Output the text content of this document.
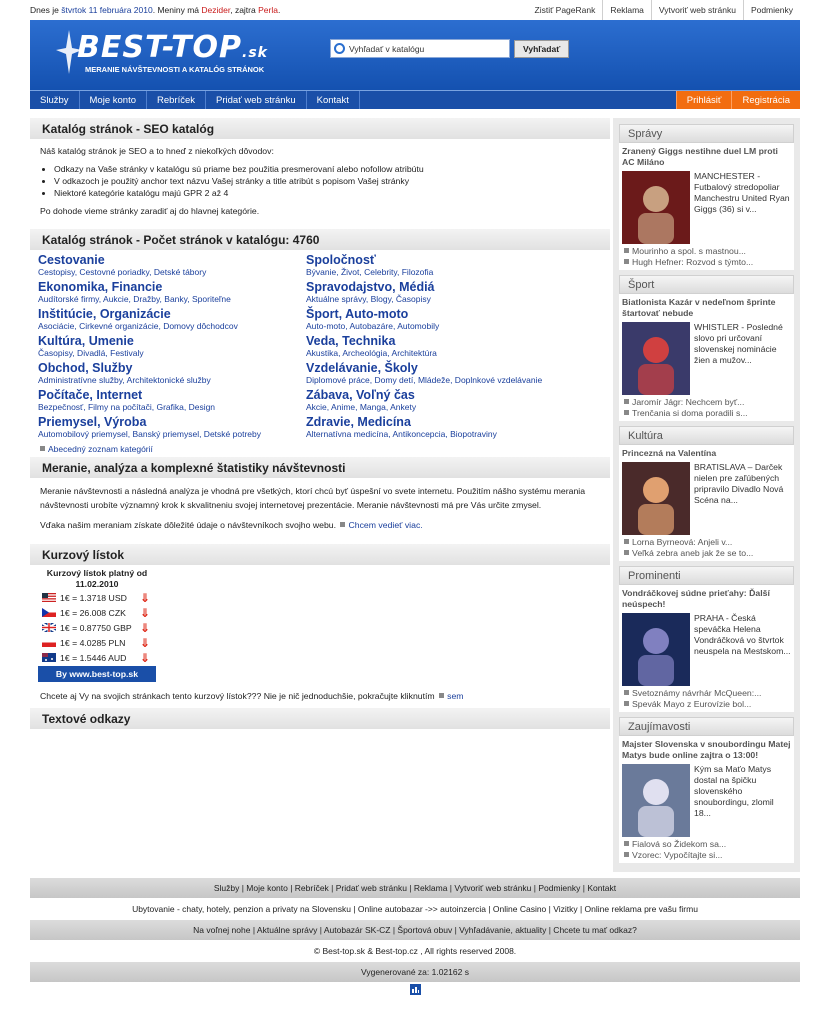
Dnes je štvrtok 11 februára 2010. Meniny má Dezider, zajtra Perla.	Zistiť PageRank	Reklama	Vytvoriť web stránku	Podmienky
BEST-TOP.sk
MERANIE NÁVŠTEVNOSTI A KATALÓG STRÁNOK
Vyhľadať v katalógu	Vyhľadať
Služby	Moje konto	Rebríček	Pridať web stránku	Kontakt	Prihlásiť	Registrácia
Katalóg stránok - SEO katalóg

Náš katalóg stránok je SEO a to hneď z niekoľkých dôvodov:

• Odkazy na Vaše stránky v katalógu sú priame bez použitia presmerovaní alebo nofollow atribútu
• V odkazoch je použitý anchor text názvu Vašej stránky a title atribút s popisom Vašej stránky
• Niektoré kategórie katalógu majú GPR 2 až 4

Po dohode vieme stránky zaradiť aj do hlavnej kategórie.

Katalóg stránok - Počet stránok v katalógu: 4760
Cestovanie
Cestopisy, Cestovné poriadky, Detské tábory
Spoločnosť
Bývanie, Život, Celebrity, Filozofia
Ekonomika, Financie
Audítorské firmy, Aukcie, Dražby, Banky, Sporiteľne
Spravodajstvo, Médiá
Aktuálne správy, Blogy, Časopisy
Inštitúcie, Organizácie
Asociácie, Cirkevné organizácie, Domovy dôchodcov
Šport, Auto-moto
Auto-moto, Autobazáre, Automobily
Kultúra, Umenie
Časopisy, Divadlá, Festivaly
Veda, Technika
Akustika, Archeológia, Architektúra
Obchod, Služby
Administratívne služby, Architektonické služby
Vzdelávanie, Školy
Diplomové práce, Domy detí, Mládeže, Doplnkové vzdelávanie
Počítače, Internet
Bezpečnosť, Filmy na počítači, Grafika, Design
Zábava, Voľný čas
Akcie, Anime, Manga, Ankety
Priemysel, Výroba
Automobilový priemysel, Banský priemysel, Detské potreby
Zdravie, Medicína
Alternatívna medicína, Antikoncepcia, Biopotraviny
Abecedný zoznam kategórií
Meranie, analýza a komplexné štatistiky návštevnosti

Meranie návštevnosti a následná analýza je vhodná pre všetkých, ktorí chcú byť úspešní vo svete internetu. Použitím nášho systému merania návštevnosti urobíte významný krok k skvalitneniu svojej internetovej prezentácie. Meranie návštevnosti má pre Vás určite zmysel.

Vďaka našim meraniam získate dôležité údaje o návštevníkoch svojho webu. Chcem vedieť viac.

Kurzový lístok
Kurzový lístok platný od 11.02.2010
1€ = 1.3718 USD	⇓
1€ = 26.008 CZK	⇓
1€ = 0.87750 GBP ⇓
1€ = 4.0285 PLN	⇓
1€ = 1.5446 AUD	⇓
By www.best-top.sk
Chcete aj Vy na svojich stránkach tento kurzový lístok??? Nie je nič jednoduchšie, pokračujte kliknutím sem
Textové odkazy
Správy
Zranený Giggs nestihne duel LM proti AC Miláno
MANCHESTER - Futbalový stredopoliar Manchestru United Ryan Giggs (36) si v...
Mourinho a spol. s mastnou...
Hugh Hefner: Rozvod s týmto...
Šport
Biatlonista Kazár v nedeľnom šprinte štartovať nebude
WHISTLER - Posledné slovo pri určovaní slovenskej nominácie žien a mužov...
Jaromír Jágr: Nechcem byť...
Trenčania si doma poradili s...
Kultúra
Princezná na Valentína
BRATISLAVA – Darček nielen pre zaľúbených pripravilo Divadlo Nová Scéna na...
Lorna Byrneová: Anjeli v...
Veľká zebra aneb jak že se to...
Prominenti
Vondráčkovej súdne prieťahy: Ďalší neúspech!
PRAHA - Česká speváčka Helena Vondráčková vo štvrtok neuspela na Mestskom...
Svetoznámy návrhár McQueen:...
Spevák Mayo z Eurovízie bol...
Zaujímavosti
Majster Slovenska v snoubordingu Matej Matys bude online zajtra o 13:00!
Kým sa Maťo Matys dostal na špičku slovenského snoubordingu, zlomil 18...
Fialová so Židekom sa...
Vzorec: Vypočítajte si...
Služby | Moje konto | Rebríček | Pridať web stránku | Reklama | Vytvoriť web stránku | Podmienky | Kontakt
Ubytovanie - chaty, hotely, penzion a privaty na Slovensku | Online autobazar ->> autoinzercia | Online Casino | Vizitky | Online reklama pre vašu firmu
Na voľnej nohe | Aktuálne správy | Autobazár SK-CZ | Športová obuv | Vyhľadávanie, aktuality | Chcete tu mať odkaz?
© Best-top.sk & Best-top.cz , All rights reserved 2008.
Vygenerované za: 1.02162 s
